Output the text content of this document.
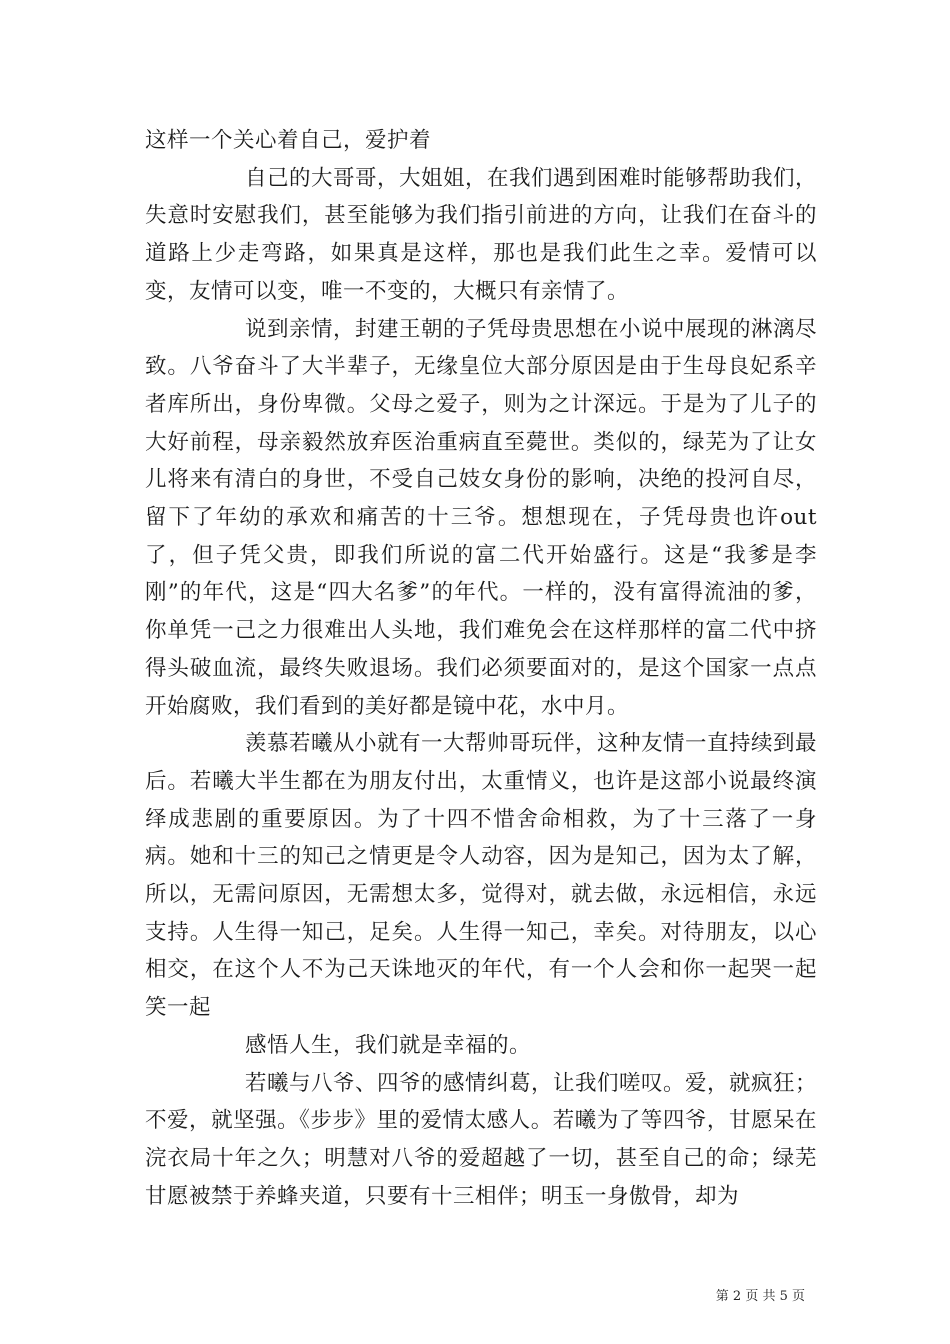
这样一个关心着自己，爱护着

自己的大哥哥，大姐姐，在我们遇到困难时能够帮助我们，失意时安慰我们，甚至能够为我们指引前进的方向，让我们在奋斗的道路上少走弯路，如果真是这样，那也是我们此生之幸。爱情可以变，友情可以变，唯一不变的，大概只有亲情了。

说到亲情，封建王朝的子凭母贵思想在小说中展现的淋漓尽致。八爷奋斗了大半辈子，无缘皇位大部分原因是由于生母良妃系辛者库所出，身份卑微。父母之爱子，则为之计深远。于是为了儿子的大好前程，母亲毅然放弃医治重病直至薨世。类似的，绿芜为了让女儿将来有清白的身世，不受自己妓女身份的影响，决绝的投河自尽，留下了年幼的承欢和痛苦的十三爷。想想现在，子凭母贵也许out了，但子凭父贵，即我们所说的富二代开始盛行。这是“我爹是李刚”的年代，这是“四大名爹”的年代。一样的，没有富得流油的爹，你单凭一己之力很难出人头地，我们难免会在这样那样的富二代中挤得头破血流，最终失败退场。我们必须要面对的，是这个国家一点点开始腐败，我们看到的美好都是镜中花，水中月。

羡慕若曦从小就有一大帮帅哥玩伴，这种友情一直持续到最后。若曦大半生都在为朋友付出，太重情义，也许是这部小说最终演绎成悲剧的重要原因。为了十四不惜舍命相救，为了十三落了一身病。她和十三的知己之情更是令人动容，因为是知己，因为太了解，所以，无需问原因，无需想太多，觉得对，就去做，永远相信，永远支持。人生得一知己，足矣。人生得一知己，幸矣。对待朋友，以心相交，在这个人不为己天诛地灭的年代，有一个人会和你一起哭一起笑一起

感悟人生，我们就是幸福的。

若曦与八爷、四爷的感情纠葛，让我们嗟叹。爱，就疯狂；不爱，就坚强。《步步》里的爱情太感人。若曦为了等四爷，甘愿呆在浣衣局十年之久；明慧对八爷的爱超越了一切，甚至自己的命；绿芜甘愿被禁于养蜂夹道，只要有十三相伴；明玉一身傲骨，却为

第 2 页 共 5 页
